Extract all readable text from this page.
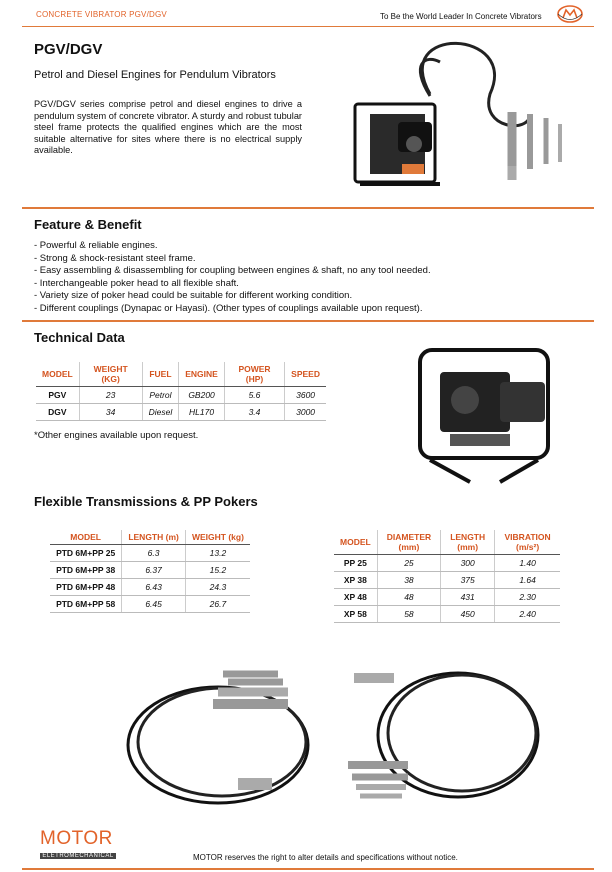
CONCRETE VIBRATOR PGV/DGV	To Be the World Leader In Concrete Vibrators
PGV/DGV
Petrol and Diesel Engines for Pendulum Vibrators
PGV/DGV series comprise petrol and diesel engines to drive a pendulum system of concrete vibrator. A sturdy and robust tubular steel frame protects the qualified engines which are the most suitable alternative for sites where there is no electrical supply available.
Feature & Benefit
- Powerful & reliable engines.
- Strong & shock-resistant steel frame.
- Easy assembling & disassembling for coupling between engines & shaft, no any tool needed.
- Interchangeable poker head to all flexible shaft.
- Variety size of poker head could be suitable for different working condition.
- Different couplings (Dynapac or Hayasi). (Other types of couplings available upon request).
Technical Data
MODEL	WEIGHT (KG)	FUEL	ENGINE	POWER (HP)	SPEED
PGV	23	Petrol	GB200	5.6	3600
DGV	34	Diesel	HL170	3.4	3000
*Other engines available upon request.
Flexible Transmissions & PP Pokers
MODEL	LENGTH (m)	WEIGHT (kg)
PTD 6M+PP 25	6.3	13.2
PTD 6M+PP 38	6.37	15.2
PTD 6M+PP 48	6.43	24.3
PTD 6M+PP 58	6.45	26.7
MODEL	DIAMETER (mm)	LENGTH (mm)	VIBRATION (m/s²)
PP 25	25	300	1.40
XP 38	38	375	1.64
XP 48	48	431	2.30
XP 58	58	450	2.40
MOTOR
ELETROMECHANICAL	MOTOR reserves the right to alter details and specifications without notice.
